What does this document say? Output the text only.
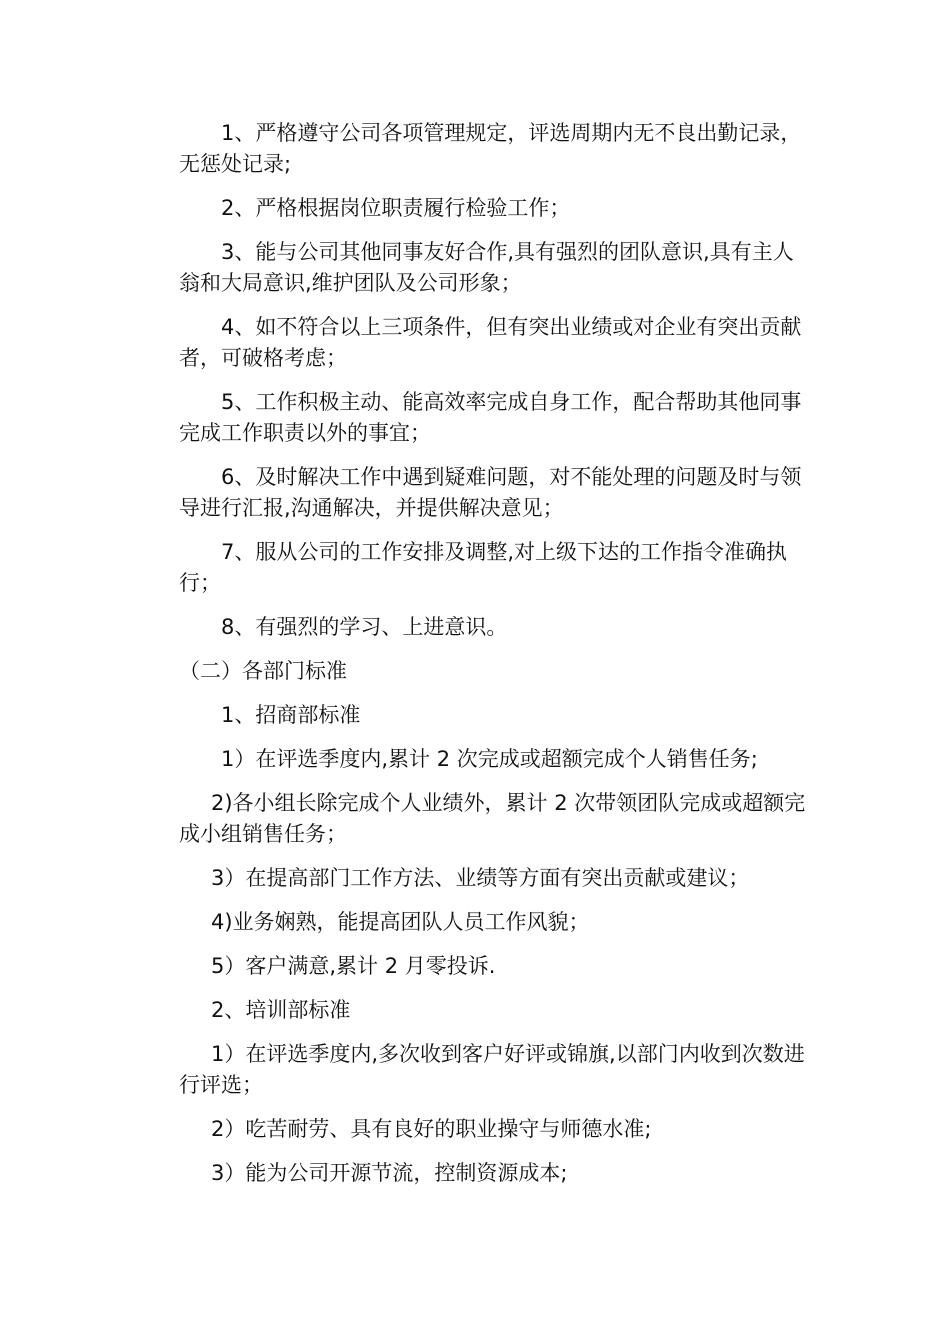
1、严格遵守公司各项管理规定，评选周期内无不良出勤记录，无惩处记录;

2、严格根据岗位职责履行检验工作；

3、能与公司其他同事友好合作,具有强烈的团队意识,具有主人翁和大局意识,维护团队及公司形象；

4、如不符合以上三项条件，但有突出业绩或对企业有突出贡献者，可破格考虑；

5、工作积极主动、能高效率完成自身工作，配合帮助其他同事完成工作职责以外的事宜；

6、及时解决工作中遇到疑难问题，对不能处理的问题及时与领导进行汇报,沟通解决，并提供解决意见；

7、服从公司的工作安排及调整,对上级下达的工作指令准确执行；

8、有强烈的学习、上进意识。

（二）各部门标准

1、招商部标准

1）在评选季度内,累计 2 次完成或超额完成个人销售任务;

2)各小组长除完成个人业绩外，累计 2 次带领团队完成或超额完成小组销售任务；

3）在提高部门工作方法、业绩等方面有突出贡献或建议；

4)业务娴熟，能提高团队人员工作风貌；

5）客户满意,累计 2 月零投诉.

2、培训部标准

1）在评选季度内,多次收到客户好评或锦旗,以部门内收到次数进行评选；

2）吃苦耐劳、具有良好的职业操守与师德水准;

3）能为公司开源节流，控制资源成本;
